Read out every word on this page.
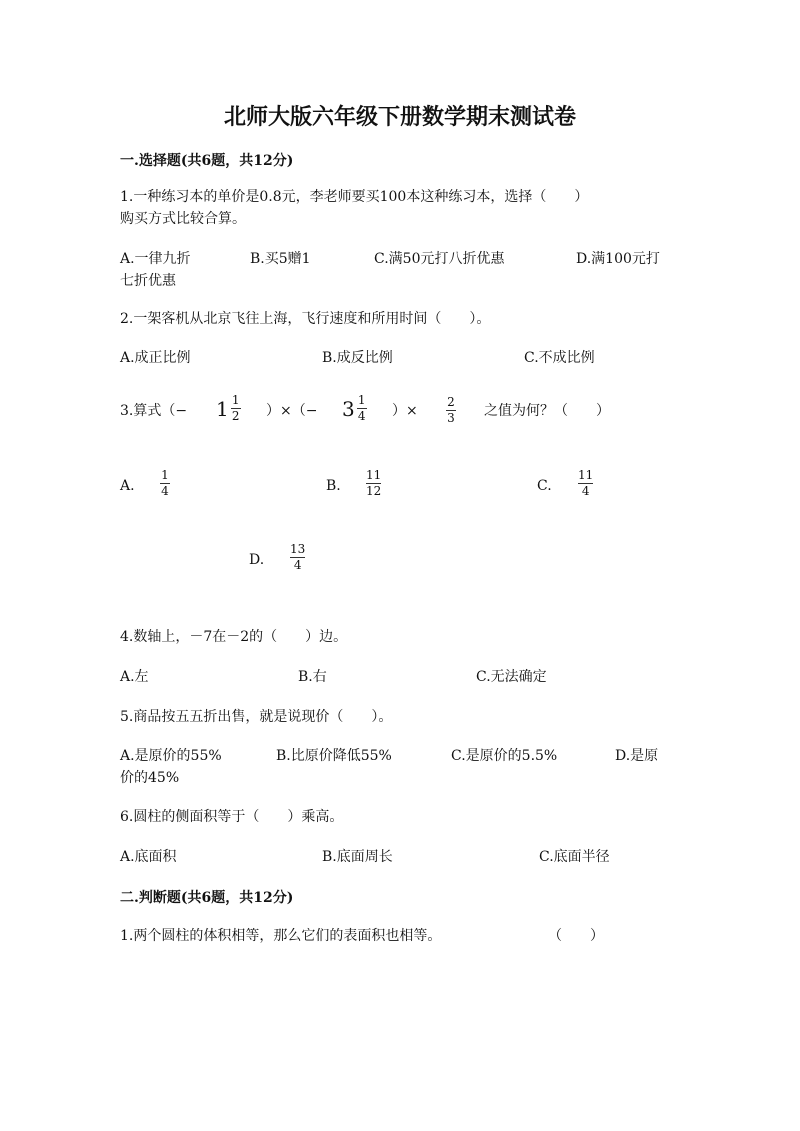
北师大版六年级下册数学期末测试卷
一.选择题(共6题，共12分)
1.一种练习本的单价是0.8元，李老师要买100本这种练习本，选择（　　）
购买方式比较合算。
A.一律九折	B.买5赠1	C.满50元打八折优惠	D.满100元打
七折优惠
2.一架客机从北京飞往上海，飞行速度和所用时间（　　）。
A.成正比例	B.成反比例	C.不成比例
3.算式（− $1 \frac{1}{2}$ ）×（− $3 \frac{1}{4}$ ）×
2
3 之值为何？（　　）
A.
1
4	B.
11
12	C.
11
4
D.
13
4
4.数轴上，－7在－2的（　　）边。
A.左	B.右	C.无法确定
5.商品按五五折出售，就是说现价（　　）。
A.是原价的55%	B.比原价降低55%	C.是原价的5.5%	D.是原
价的45%
6.圆柱的侧面积等于（　　）乘高。
A.底面积	B.底面周长	C.底面半径
二.判断题(共6题，共12分)
1.两个圆柱的体积相等，那么它们的表面积也相等。	（　　）
